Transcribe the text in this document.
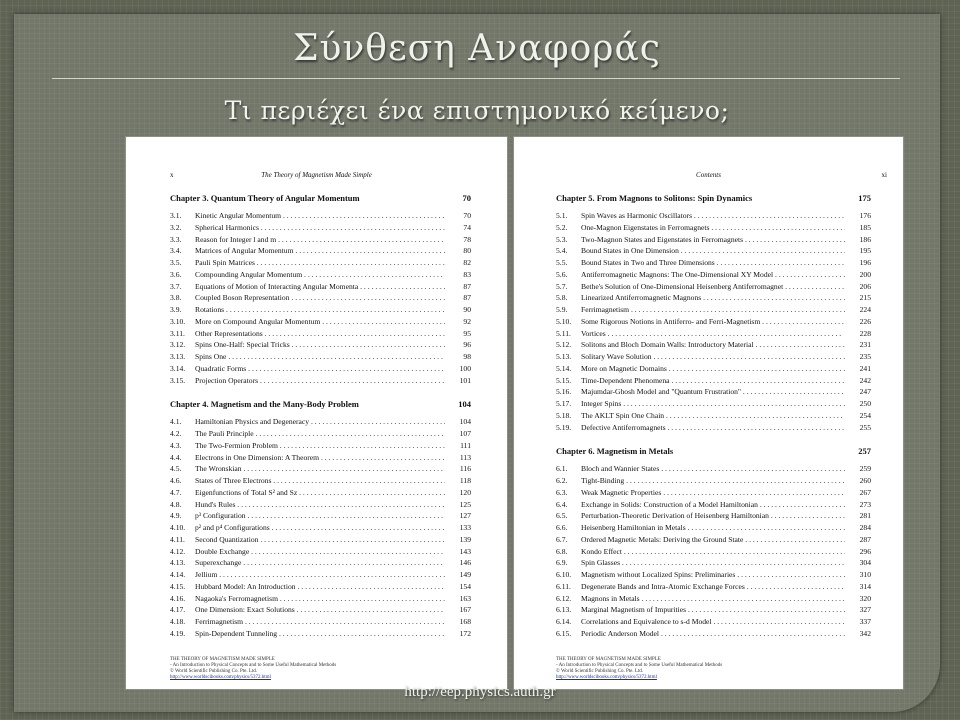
Σύνθεση Αναφοράς
Τι περιέχει ένα επιστημονικό κείμενο;
x	The Theory of Magnetism Made Simple
Chapter 3. Quantum Theory of Angular Momentum	70
3.1.	Kinetic Angular Momentum . . .	70
3.2.	Spherical Harmonics . . .	74
3.3.	Reason for Integer l and m . . .	78
3.4.	Matrices of Angular Momentum . . .	80
3.5.	Pauli Spin Matrices . . .	82
3.6.	Compounding Angular Momentum . . .	83
3.7.	Equations of Motion of Interacting Angular Momenta . . .	87
3.8.	Coupled Boson Representation . . .	87
3.9.	Rotations . . .	90
3.10.	More on Compound Angular Momentum . . .	92
3.11.	Other Representations . . .	95
3.12.	Spins One-Half: Special Tricks . . .	96
3.13.	Spins One . . .	98
3.14.	Quadratic Forms . . .	100
3.15.	Projection Operators . . .	101
Chapter 4. Magnetism and the Many-Body Problem	104
4.1.	Hamiltonian Physics and Degeneracy . . .	104
4.2.	The Pauli Principle . . .	107
4.3.	The Two-Fermion Problem . . .	111
4.4.	Electrons in One Dimension: A Theorem . . .	113
4.5.	The Wronskian . . .	116
4.6.	States of Three Electrons . . .	118
4.7.	Eigenfunctions of Total S² and Sz . . .	120
4.8.	Hund's Rules . . .	125
4.9.	p³ Configuration . . .	127
4.10.	p² and p⁴ Configurations . . .	133
4.11.	Second Quantization . . .	139
4.12.	Double Exchange . . .	143
4.13.	Superexchange . . .	146
4.14.	Jellium . . .	149
4.15.	Hubbard Model: An Introduction . . .	154
4.16.	Nagaoka's Ferromagnetism . . .	163
4.17.	One Dimension: Exact Solutions . . .	167
4.18.	Ferrimagnetism . . .	168
4.19.	Spin-Dependent Tunneling . . .	172
THE THEORY OF MAGNETISM MADE SIMPLE
- An Introduction to Physical Concepts and to Some Useful Mathematical Methods
© World Scientific Publishing Co. Pte. Ltd.
http://www.worldscibooks.com/physics/5372.html
Contents	xi
Chapter 5. From Magnons to Solitons: Spin Dynamics	175
5.1.	Spin Waves as Harmonic Oscillators . . .	176
5.2.	One-Magnon Eigenstates in Ferromagnets . . .	185
5.3.	Two-Magnon States and Eigenstates in Ferromagnets . . .	186
5.4.	Bound States in One Dimension . . .	195
5.5.	Bound States in Two and Three Dimensions . . .	196
5.6.	Antiferromagnetic Magnons: The One-Dimensional XY Model . . .	200
5.7.	Bethe's Solution of One-Dimensional Heisenberg Antiferromagnet . . .	206
5.8.	Linearized Antiferromagnetic Magnons . . .	215
5.9.	Ferrimagnetism . . .	224
5.10.	Some Rigorous Notions in Antiferro- and Ferri-Magnetism . . .	226
5.11.	Vortices . . .	228
5.12.	Solitons and Bloch Domain Walls: Introductory Material . . .	231
5.13.	Solitary Wave Solution . . .	235
5.14.	More on Magnetic Domains . . .	241
5.15.	Time-Dependent Phenomena . . .	242
5.16.	Majumdar-Ghosh Model and "Quantum Frustration" . . .	247
5.17.	Integer Spins . . .	250
5.18.	The AKLT Spin One Chain . . .	254
5.19.	Defective Antiferromagnets . . .	255
Chapter 6. Magnetism in Metals	257
6.1.	Bloch and Wannier States . . .	259
6.2.	Tight-Binding . . .	260
6.3.	Weak Magnetic Properties . . .	267
6.4.	Exchange in Solids: Construction of a Model Hamiltonian . . .	273
6.5.	Perturbation-Theoretic Derivation of Heisenberg Hamiltonian . . .	281
6.6.	Heisenberg Hamiltonian in Metals . . .	284
6.7.	Ordered Magnetic Metals: Deriving the Ground State . . .	287
6.8.	Kondo Effect . . .	296
6.9.	Spin Glasses . . .	304
6.10.	Magnetism without Localized Spins: Preliminaries . . .	310
6.11.	Degenerate Bands and Intra-Atomic Exchange Forces . . .	314
6.12.	Magnons in Metals . . .	320
6.13.	Marginal Magnetism of Impurities . . .	327
6.14.	Correlations and Equivalence to s-d Model . . .	337
6.15.	Periodic Anderson Model . . .	342
THE THEORY OF MAGNETISM MADE SIMPLE
- An Introduction to Physical Concepts and to Some Useful Mathematical Methods
© World Scientific Publishing Co. Pte. Ltd.
http://www.worldscibooks.com/physics/5372.html
http://eep.physics.auth.gr
